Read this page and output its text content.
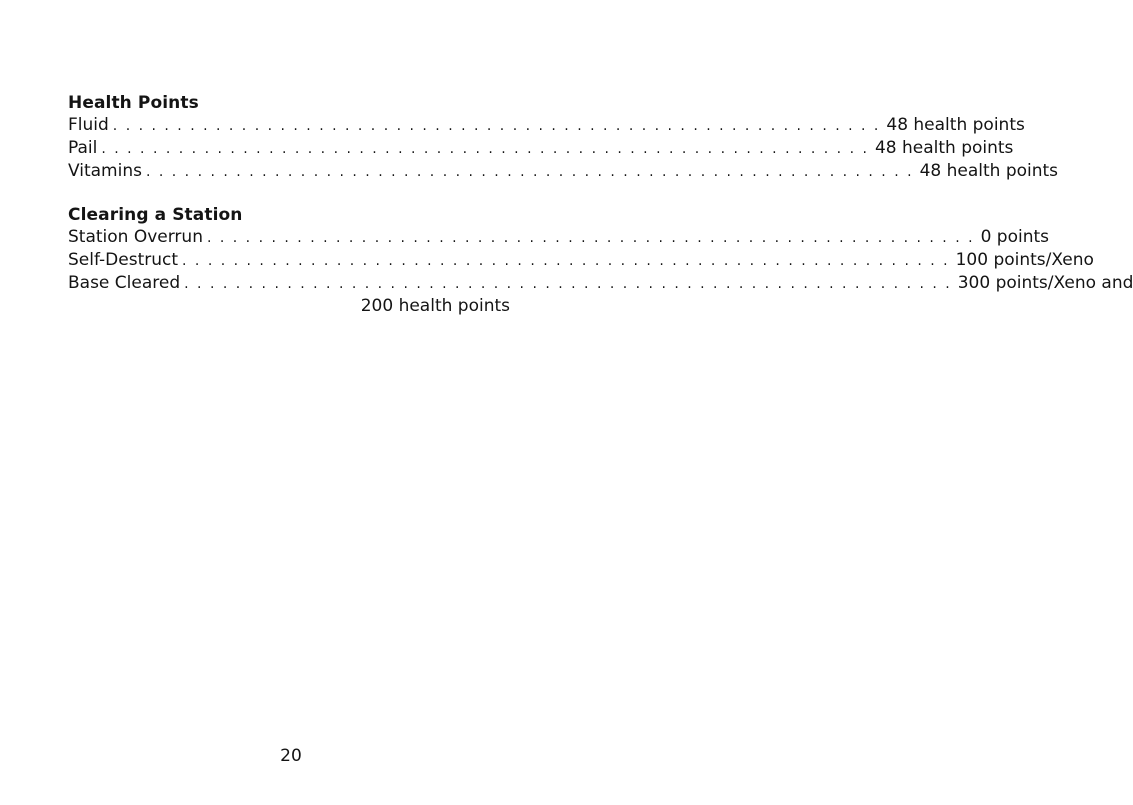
Health Points
Fluid . . . . . . . . . . . . . . . . . . . . . . . . . . . . . . . . . . . . . . . . . . . . . . . . . . . . . . . . . . . . 48 health points
Pail . . . . . . . . . . . . . . . . . . . . . . . . . . . . . . . . . . . . . . . . . . . . . . . . . . . . . . . . . . . . 48 health points
Vitamins . . . . . . . . . . . . . . . . . . . . . . . . . . . . . . . . . . . . . . . . . . . . . . . . . . . . . . . . . . . . 48 health points
Clearing a Station
Station Overrun . . . . . . . . . . . . . . . . . . . . . . . . . . . . . . . . . . . . . . . . . . . . . . . . . . . . . . . . . . . . 0 points
Self-Destruct . . . . . . . . . . . . . . . . . . . . . . . . . . . . . . . . . . . . . . . . . . . . . . . . . . . . . . . . . . . . 100 points/Xeno
Base Cleared . . . . . . . . . . . . . . . . . . . . . . . . . . . . . . . . . . . . . . . . . . . . . . . . . . . . . . . . . . . . 300 points/Xeno and
200 health points
20
